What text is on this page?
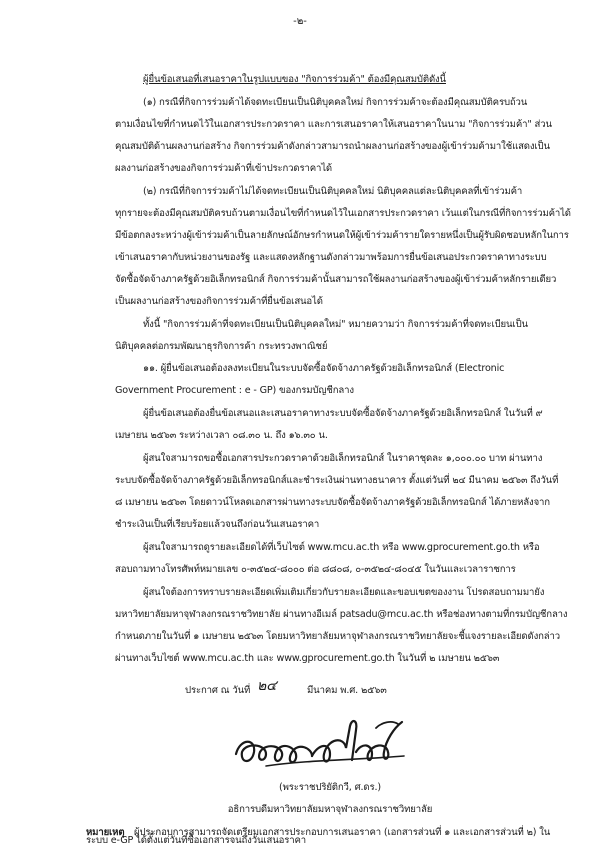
-๒-
ผู้ยื่นข้อเสนอที่เสนอราคาในรูปแบบของ "กิจการร่วมค้า" ต้องมีคุณสมบัติดังนี้
(๑) กรณีที่กิจการร่วมค้าได้จดทะเบียนเป็นนิติบุคคลใหม่ กิจการร่วมค้าจะต้องมีคุณสมบัติครบถ้วน
ตามเงื่อนไขที่กำหนดไว้ในเอกสารประกวดราคา และการเสนอราคาให้เสนอราคาในนาม "กิจการร่วมค้า" ส่วน
คุณสมบัติด้านผลงานก่อสร้าง กิจการร่วมค้าดังกล่าวสามารถนำผลงานก่อสร้างของผู้เข้าร่วมค้ามาใช้แสดงเป็น
ผลงานก่อสร้างของกิจการร่วมค้าที่เข้าประกวดราคาได้
(๒) กรณีที่กิจการร่วมค้าไม่ได้จดทะเบียนเป็นนิติบุคคลใหม่ นิติบุคคลแต่ละนิติบุคคลที่เข้าร่วมค้า
ทุกรายจะต้องมีคุณสมบัติครบถ้วนตามเงื่อนไขที่กำหนดไว้ในเอกสารประกวดราคา เว้นแต่ในกรณีที่กิจการร่วมค้าได้
มีข้อตกลงระหว่างผู้เข้าร่วมค้าเป็นลายลักษณ์อักษรกำหนดให้ผู้เข้าร่วมค้ารายใดรายหนึ่งเป็นผู้รับผิดชอบหลักในการ
เข้าเสนอราคากับหน่วยงานของรัฐ และแสดงหลักฐานดังกล่าวมาพร้อมการยื่นข้อเสนอประกวดราคาทางระบบ
จัดซื้อจัดจ้างภาครัฐด้วยอิเล็กทรอนิกส์ กิจการร่วมค้านั้นสามารถใช้ผลงานก่อสร้างของผู้เข้าร่วมค้าหลักรายเดียว
เป็นผลงานก่อสร้างของกิจการร่วมค้าที่ยื่นข้อเสนอได้
ทั้งนี้ "กิจการร่วมค้าที่จดทะเบียนเป็นนิติบุคคลใหม่" หมายความว่า กิจการร่วมค้าที่จดทะเบียนเป็น
นิติบุคคลต่อกรมพัฒนาธุรกิจการค้า กระทรวงพาณิชย์
๑๑. ผู้ยื่นข้อเสนอต้องลงทะเบียนในระบบจัดซื้อจัดจ้างภาครัฐด้วยอิเล็กทรอนิกส์ (Electronic
Government Procurement : e - GP) ของกรมบัญชีกลาง
ผู้ยื่นข้อเสนอต้องยื่นข้อเสนอและเสนอราคาทางระบบจัดซื้อจัดจ้างภาครัฐด้วยอิเล็กทรอนิกส์ ในวันที่ ๙
เมษายน ๒๕๖๓ ระหว่างเวลา ๐๘.๓๐ น. ถึง ๑๖.๓๐ น.
ผู้สนใจสามารถขอซื้อเอกสารประกวดราคาด้วยอิเล็กทรอนิกส์ ในราคาชุดละ ๑,๐๐๐.๐๐ บาท ผ่านทาง
ระบบจัดซื้อจัดจ้างภาครัฐด้วยอิเล็กทรอนิกส์และชำระเงินผ่านทางธนาคาร ตั้งแต่วันที่ ๒๔ มีนาคม ๒๕๖๓ ถึงวันที่
๘ เมษายน ๒๕๖๓ โดยดาวน์โหลดเอกสารผ่านทางระบบจัดซื้อจัดจ้างภาครัฐด้วยอิเล็กทรอนิกส์ ได้ภายหลังจาก
ชำระเงินเป็นที่เรียบร้อยแล้วจนถึงก่อนวันเสนอราคา
ผู้สนใจสามารถดูรายละเอียดได้ที่เว็บไซต์ www.mcu.ac.th หรือ www.gprocurement.go.th หรือ
สอบถามทางโทรศัพท์หมายเลข ๐-๓๕๒๔-๘๐๐๐ ต่อ ๘๘๐๘, ๐-๓๕๒๔-๘๐๔๕ ในวันและเวลาราชการ
ผู้สนใจต้องการทราบรายละเอียดเพิ่มเติมเกี่ยวกับรายละเอียดและขอบเขตของงาน โปรดสอบถามมายัง
มหาวิทยาลัยมหาจุฬาลงกรณราชวิทยาลัย ผ่านทางอีเมล์ patsadu@mcu.ac.th หรือช่องทางตามที่กรมบัญชีกลาง
กำหนดภายในวันที่ ๑ เมษายน ๒๕๖๓ โดยมหาวิทยาลัยมหาจุฬาลงกรณราชวิทยาลัยจะชี้แจงรายละเอียดดังกล่าว
ผ่านทางเว็บไซต์ www.mcu.ac.th และ www.gprocurement.go.th ในวันที่ ๒ เมษายน ๒๕๖๓
ประกาศ ณ วันที่ ๒๔	มีนาคม พ.ศ. ๒๕๖๓
(พระราชปริยัติกวี, ศ.ดร.)
อธิการบดีมหาวิทยาลัยมหาจุฬาลงกรณราชวิทยาลัย
หมายเหตุ ผู้ประกอบการสามารถจัดเตรียมเอกสารประกอบการเสนอราคา (เอกสารส่วนที่ ๑ และเอกสารส่วนที่ ๒) ใน
ระบบ e-GP ได้ตั้งแต่วันที่ซื้อเอกสารจนถึงวันเสนอราคา
